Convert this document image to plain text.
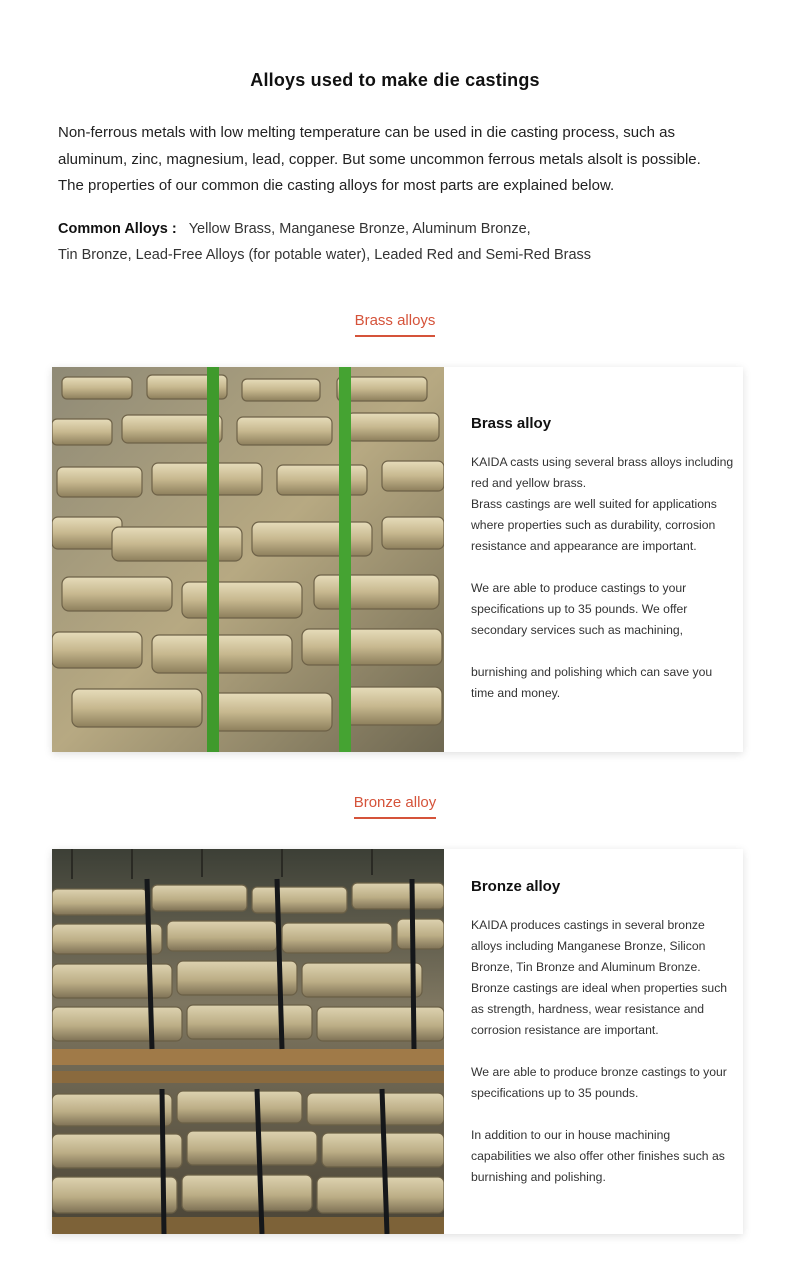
Alloys used to make die castings

Non-ferrous metals with low melting temperature can be used in die casting process, such as

aluminum, zinc, magnesium, lead, copper. But some uncommon ferrous metals alsolt is possible.

The properties of our common die casting alloys for most parts are explained below.

Common Alloys : Yellow Brass, Manganese Bronze, Aluminum Bronze,

Tin Bronze, Lead-Free Alloys (for potable water), Leaded Red and Semi-Red Brass

Brass alloys
Brass alloy

KAIDA casts using several brass alloys including

red and yellow brass.

Brass castings are well suited for applications

where properties such as durability, corrosion

resistance and appearance are important.

We are able to produce castings to your

specifications up to 35 pounds. We offer

secondary services such as machining,

burnishing and polishing which can save you

time and money.

Bronze alloy
Bronze alloy

KAIDA produces castings in several bronze

alloys including Manganese Bronze, Silicon

Bronze, Tin Bronze and Aluminum Bronze.

Bronze castings are ideal when properties such

as strength, hardness, wear resistance and

corrosion resistance are important.

We are able to produce bronze castings to your

specifications up to 35 pounds.

In addition to our in house machining

capabilities we also offer other finishes such as

burnishing and polishing.
